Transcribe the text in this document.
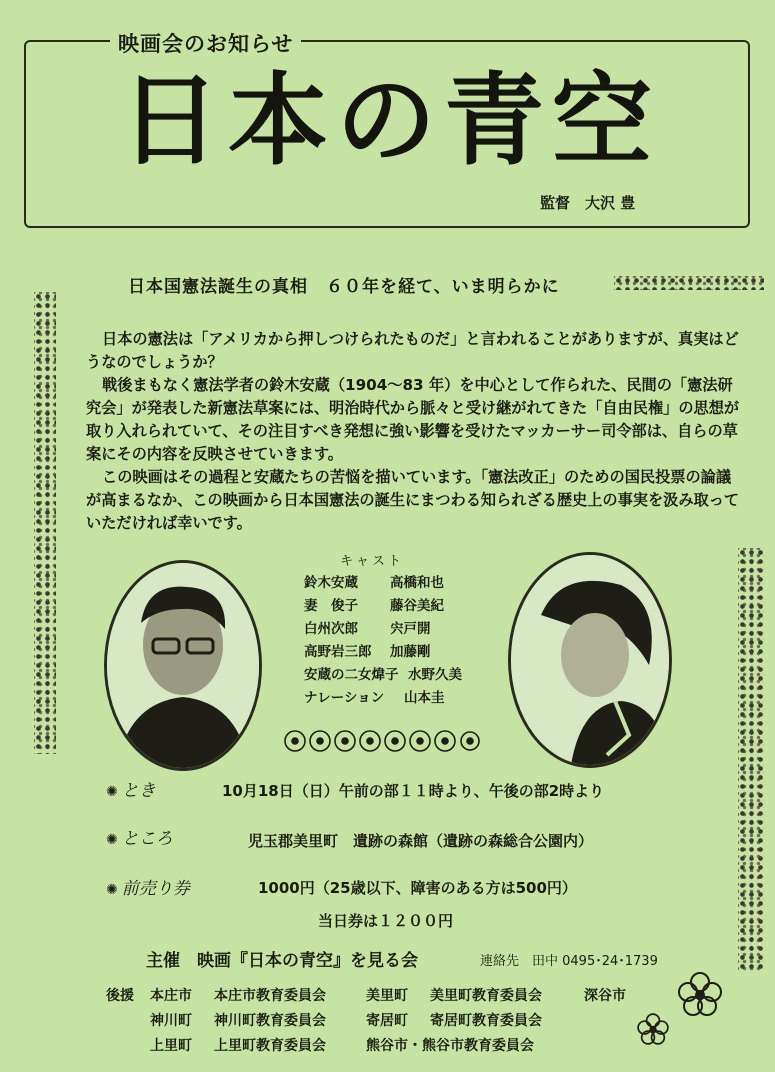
映画会のお知らせ
日本の青空
監督　大沢 豊
日本国憲法誕生の真相　６０年を経て、いま明らかに

日本の憲法は「アメリカから押しつけられたものだ」と言われることがありますが、真実はどうなのでしょうか？

戦後まもなく憲法学者の鈴木安蔵（1904～83 年）を中心として作られた、民間の「憲法研究会」が発表した新憲法草案には、明治時代から脈々と受け継がれてきた「自由民権」の思想が取り入れられていて、その注目すべき発想に強い影響を受けたマッカーサー司令部は、自らの草案にその内容を反映させていきます。

この映画はその過程と安蔵たちの苦悩を描いています。「憲法改正」のための国民投票の論議が高まるなか、この映画から日本国憲法の誕生にまつわる知られざる歴史上の事実を汲み取っていただければ幸いです。

キャスト
鈴木安蔵 高橋和也
妻　俊子 藤谷美紀
白州次郎 宍戸開
高野岩三郎 加藤剛
安蔵の二女煒子 水野久美
ナレーション 山本圭
✺ とき	10月18日（日）午前の部１１時より、午後の部2時より
✺ ところ	児玉郡美里町　遺跡の森館（遺跡の森総合公園内）
✺ 前売り券	1000円（25歳以下、障害のある方は500円）
当日券は１２００円
主催　映画『日本の青空』を見る会	連絡先　田中 0495･24･1739
後援 本庄市 本庄市教育委員会	美里町 美里町教育委員会	深谷市
神川町 神川町教育委員会	寄居町 寄居町教育委員会
上里町 上里町教育委員会	熊谷市・熊谷市教育委員会
